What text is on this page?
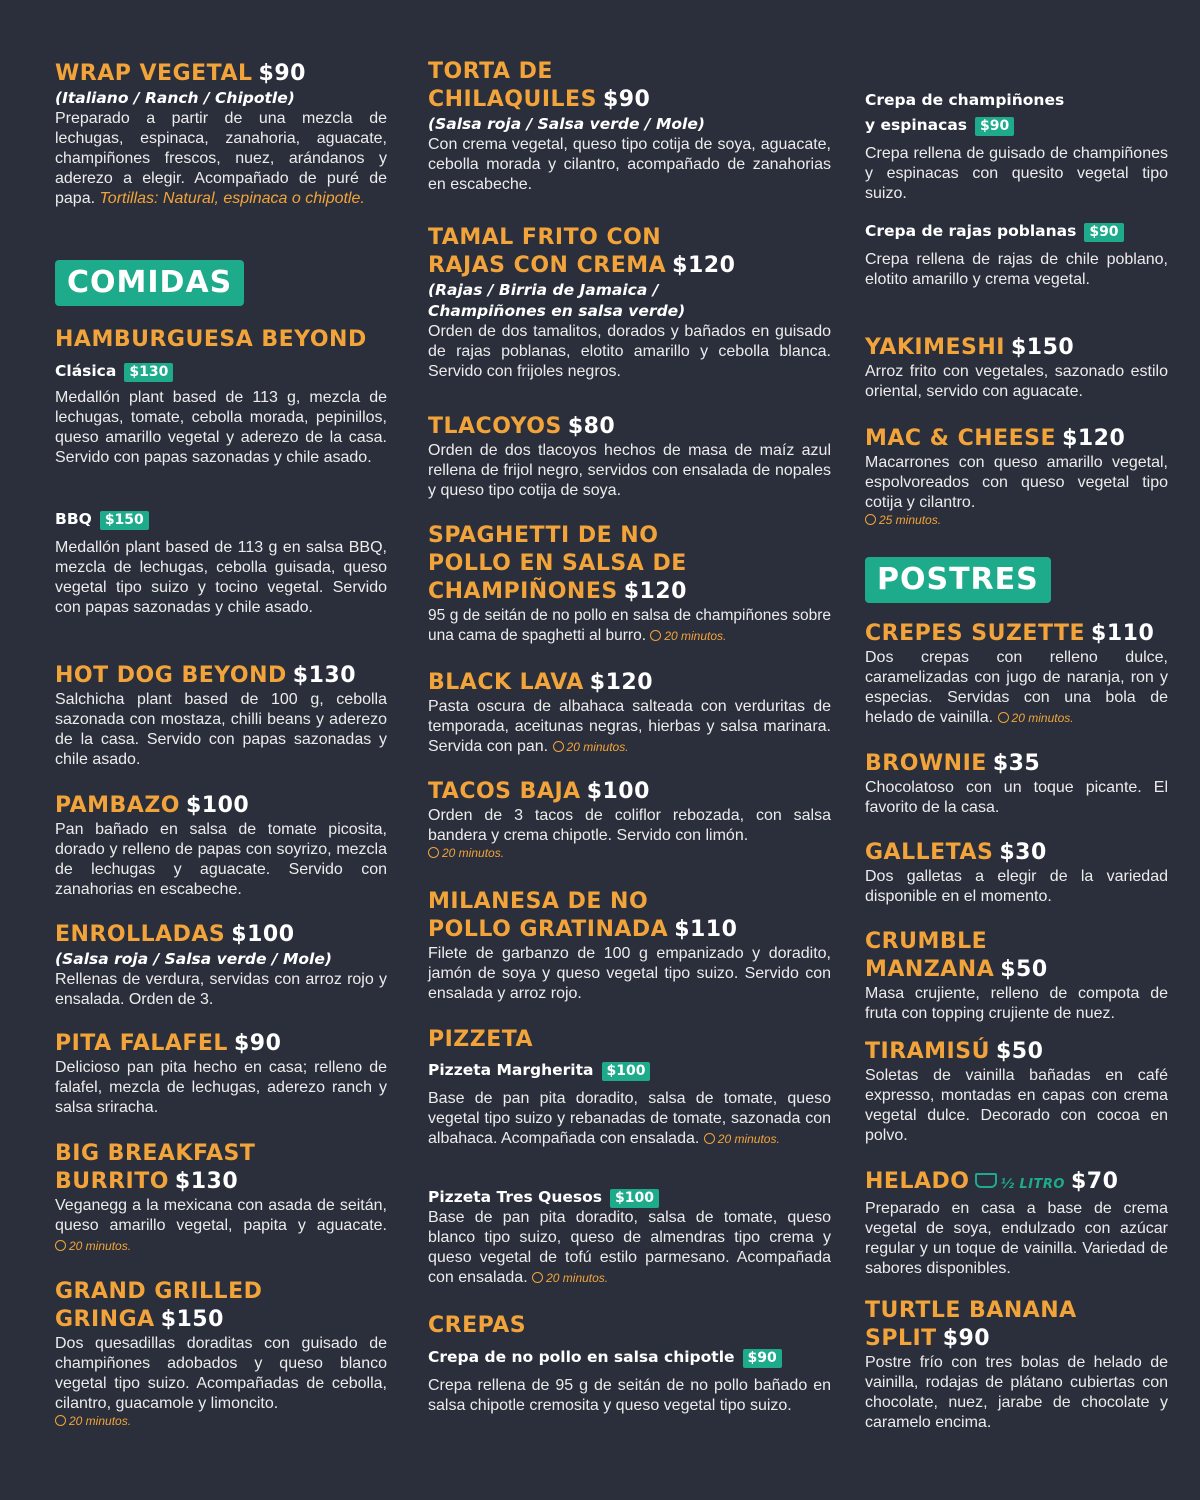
WRAP VEGETAL $90
(Italiano / Ranch / Chipotle)
Preparado a partir de una mezcla de lechugas, espinaca, zanahoria, aguacate, champiñones frescos, nuez, arándanos y aderezo a elegir. Acompañado de puré de papa. Tortillas: Natural, espinaca o chipotle.
COMIDAS
HAMBURGUESA BEYOND
Clásica $130
Medallón plant based de 113 g, mezcla de lechugas, tomate, cebolla morada, pepinillos, queso amarillo vegetal y aderezo de la casa. Servido con papas sazonadas y chile asado.
BBQ $150
Medallón plant based de 113 g en salsa BBQ, mezcla de lechugas, cebolla guisada, queso vegetal tipo suizo y tocino vegetal. Servido con papas sazonadas y chile asado.
HOT DOG BEYOND $130
Salchicha plant based de 100 g, cebolla sazonada con mostaza, chilli beans y aderezo de la casa. Servido con papas sazonadas y chile asado.
PAMBAZO $100
Pan bañado en salsa de tomate picosita, dorado y relleno de papas con soyrizo, mezcla de lechugas y aguacate. Servido con zanahorias en escabeche.
ENROLLADAS $100
(Salsa roja / Salsa verde / Mole)
Rellenas de verdura, servidas con arroz rojo y ensalada. Orden de 3.
PITA FALAFEL $90
Delicioso pan pita hecho en casa; relleno de falafel, mezcla de lechugas, aderezo ranch y salsa sriracha.
BIG BREAKFAST
BURRITO $130
Veganegg a la mexicana con asada de seitán, queso amarillo vegetal, papita y aguacate. 20 minutos.
GRAND GRILLED
GRINGA $150
Dos quesadillas doraditas con guisado de champiñones adobados y queso blanco vegetal tipo suizo. Acompañadas de cebolla, cilantro, guacamole y limoncito.
20 minutos.
TORTA DE
CHILAQUILES $90
(Salsa roja / Salsa verde / Mole)
Con crema vegetal, queso tipo cotija de soya, aguacate, cebolla morada y cilantro, acompañado de zanahorias en escabeche.
TAMAL FRITO CON
RAJAS CON CREMA $120
(Rajas / Birria de Jamaica /
Champiñones en salsa verde)
Orden de dos tamalitos, dorados y bañados en guisado de rajas poblanas, elotito amarillo y cebolla blanca. Servido con frijoles negros.
TLACOYOS $80
Orden de dos tlacoyos hechos de masa de maíz azul rellena de frijol negro, servidos con ensalada de nopales y queso tipo cotija de soya.
SPAGHETTI DE NO
POLLO EN SALSA DE
CHAMPIÑONES $120
95 g de seitán de no pollo en salsa de champiñones sobre una cama de spaghetti al burro. 20 minutos.
BLACK LAVA $120
Pasta oscura de albahaca salteada con verduritas de temporada, aceitunas negras, hierbas y salsa marinara. Servida con pan. 20 minutos.
TACOS BAJA $100
Orden de 3 tacos de coliflor rebozada, con salsa bandera y crema chipotle. Servido con limón.
20 minutos.
MILANESA DE NO
POLLO GRATINADA $110
Filete de garbanzo de 100 g empanizado y doradito, jamón de soya y queso vegetal tipo suizo. Servido con ensalada y arroz rojo.
PIZZETA
Pizzeta Margherita $100
Base de pan pita doradito, salsa de tomate, queso vegetal tipo suizo y rebanadas de tomate, sazonada con albahaca. Acompañada con ensalada. 20 minutos.
Pizzeta Tres Quesos $100
Base de pan pita doradito, salsa de tomate, queso blanco tipo suizo, queso de almendras tipo crema y queso vegetal de tofú estilo parmesano. Acompañada con ensalada. 20 minutos.
CREPAS
Crepa de no pollo en salsa chipotle $90
Crepa rellena de 95 g de seitán de no pollo bañado en salsa chipotle cremosita y queso vegetal tipo suizo.
Crepa de champiñones
y espinacas $90
Crepa rellena de guisado de champiñones y espinacas con quesito vegetal tipo suizo.
Crepa de rajas poblanas $90
Crepa rellena de rajas de chile poblano, elotito amarillo y crema vegetal.
YAKIMESHI $150
Arroz frito con vegetales, sazonado estilo oriental, servido con aguacate.
MAC & CHEESE $120
Macarrones con queso amarillo vegetal, espolvoreados con queso vegetal tipo cotija y cilantro.
25 minutos.
POSTRES
CREPES SUZETTE $110
Dos crepas con relleno dulce, caramelizadas con jugo de naranja, ron y especias. Servidas con una bola de helado de vainilla. 20 minutos.
BROWNIE $35
Chocolatoso con un toque picante. El favorito de la casa.
GALLETAS $30
Dos galletas a elegir de la variedad disponible en el momento.
CRUMBLE MANZANA $50
Masa crujiente, relleno de compota de fruta con topping crujiente de nuez.
TIRAMISÚ $50
Soletas de vainilla bañadas en café expresso, montadas en capas con crema vegetal dulce. Decorado con cocoa en polvo.
HELADO ½ LITRO $70
Preparado en casa a base de crema vegetal de soya, endulzado con azúcar regular y un toque de vainilla. Variedad de sabores disponibles.
TURTLE BANANA
SPLIT $90
Postre frío con tres bolas de helado de vainilla, rodajas de plátano cubiertas con chocolate, nuez, jarabe de chocolate y caramelo encima.
